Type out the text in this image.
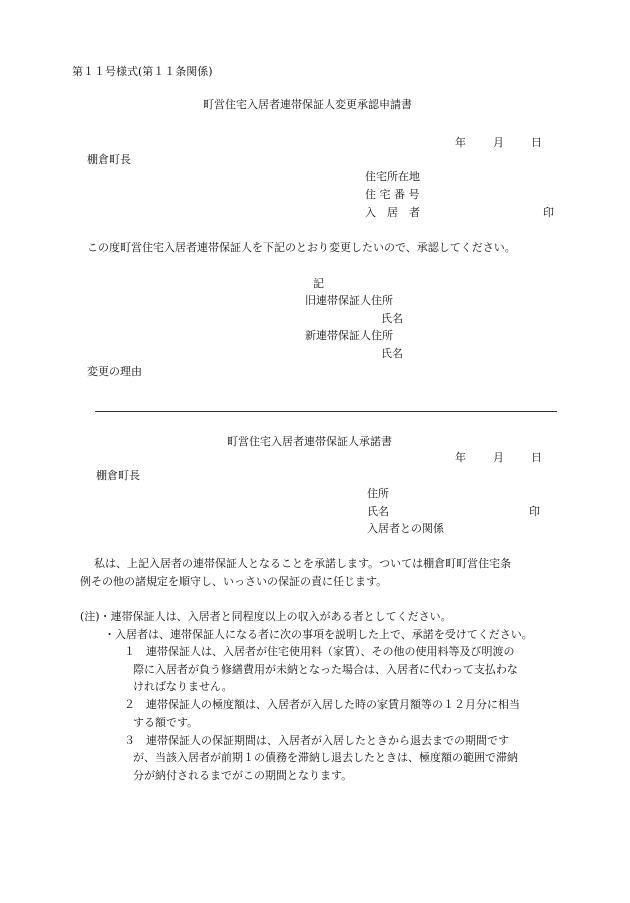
第１１号様式(第１１条関係)
町営住宅入居者連帯保証人変更承認申請書
年 月 日
棚倉町長
住宅所在地
住 宅 番 号
入　居　者	印
この度町営住宅入居者連帯保証人を下記のとおり変更したいので、承認してください。
記
旧連帯保証人住所
氏名
新連帯保証人住所
氏名
変更の理由
町営住宅入居者連帯保証人承諾書
年 月 日
棚倉町長
住所
氏名	印
入居者との関係
私は、上記入居者の連帯保証人となることを承諾します。ついては棚倉町町営住宅条
例その他の諸規定を順守し、いっさいの保証の責に任じます。
(注)・連帯保証人は、入居者と同程度以上の収入がある者としてください。
・入居者は、連帯保証人になる者に次の事項を説明した上で、承諾を受けてください。
１　連帯保証人は、入居者が住宅使用料（家賃）、その他の使用料等及び明渡の
際に入居者が負う修繕費用が未納となった場合は、入居者に代わって支払わな
ければなりません。
２　連帯保証人の極度額は、入居者が入居した時の家賃月額等の１２月分に相当
する額です。
３　連帯保証人の保証期間は、入居者が入居したときから退去までの期間です
が、当該入居者が前期１の債務を滞納し退去したときは、極度額の範囲で滞納
分が納付されるまでがこの期間となります。
